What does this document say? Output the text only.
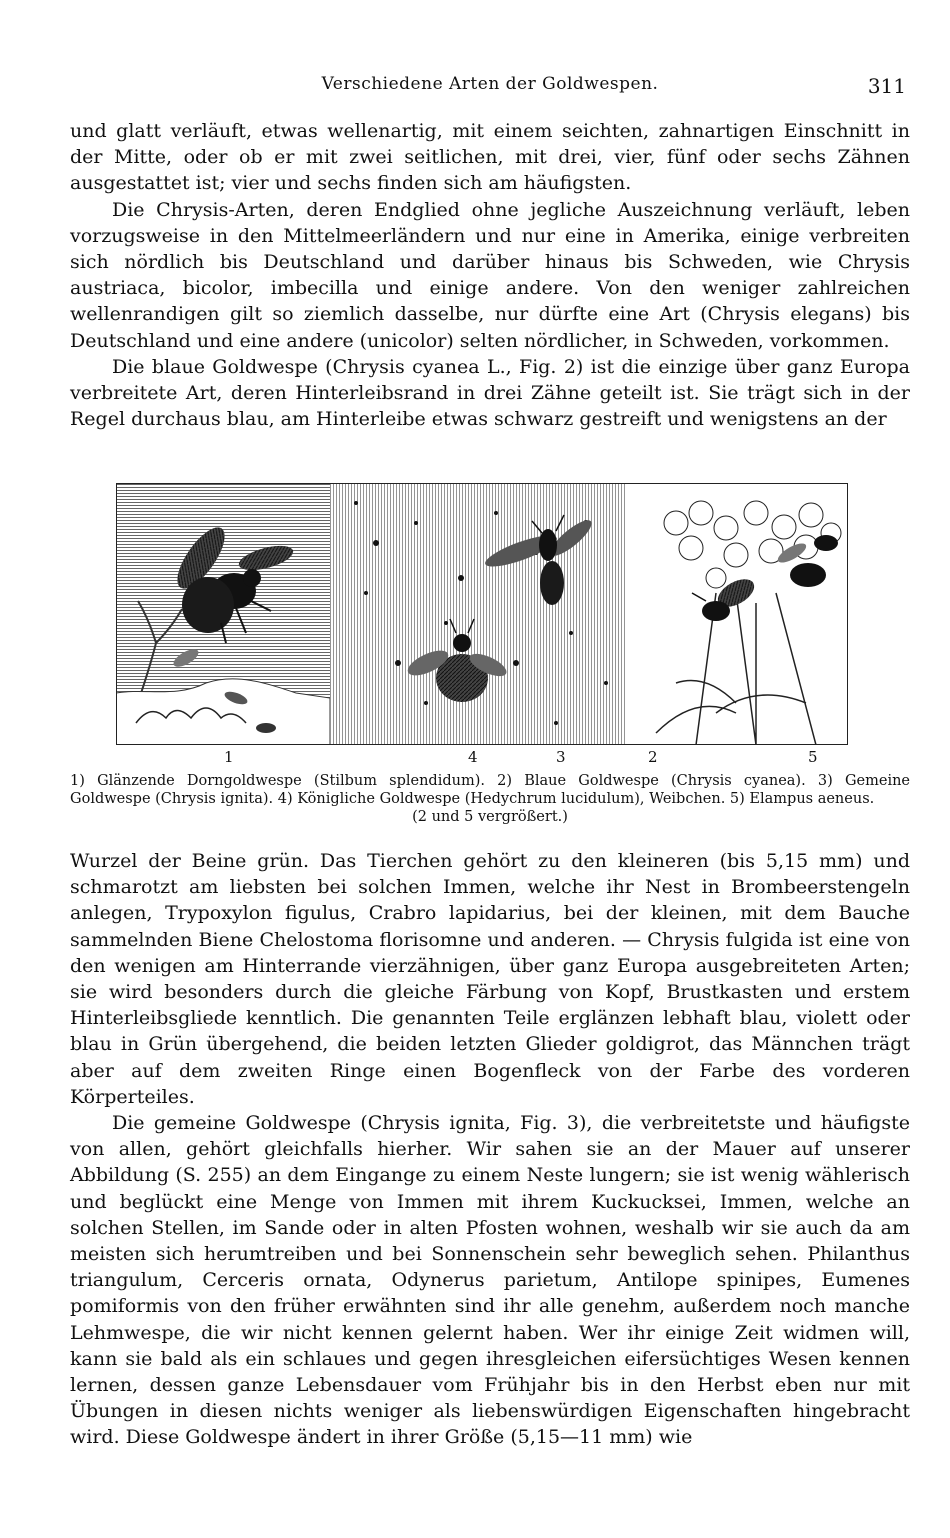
Verschiedene Arten der Goldwespen.	311

und glatt verläuft, etwas wellenartig, mit einem seichten, zahnartigen Einschnitt in der Mitte, oder ob er mit zwei seitlichen, mit drei, vier, fünf oder sechs Zähnen ausgestattet ist; vier und sechs finden sich am häufigsten.

Die Chrysis-Arten, deren Endglied ohne jegliche Auszeichnung verläuft, leben vorzugsweise in den Mittelmeerländern und nur eine in Amerika, einige verbreiten sich nördlich bis Deutschland und darüber hinaus bis Schweden, wie Chrysis austriaca, bicolor, imbecilla und einige andere. Von den weniger zahlreichen wellenrandigen gilt so ziemlich dasselbe, nur dürfte eine Art (Chrysis elegans) bis Deutschland und eine andere (unicolor) selten nördlicher, in Schweden, vorkommen.

Die blaue Goldwespe (Chrysis cyanea L., Fig. 2) ist die einzige über ganz Europa verbreitete Art, deren Hinterleibsrand in drei Zähne geteilt ist. Sie trägt sich in der Regel durchaus blau, am Hinterleibe etwas schwarz gestreift und wenigstens an der

1	4	3	2	5
1) Glänzende Dorngoldwespe (Stilbum splendidum). 2) Blaue Goldwespe (Chrysis cyanea). 3) Gemeine Goldwespe (Chrysis ignita). 4) Königliche Goldwespe (Hedychrum lucidulum), Weibchen. 5) Elampus aeneus.
(2 und 5 vergrößert.)

Wurzel der Beine grün. Das Tierchen gehört zu den kleineren (bis 5,15 mm) und schmarotzt am liebsten bei solchen Immen, welche ihr Nest in Brombeerstengeln anlegen, Trypoxylon figulus, Crabro lapidarius, bei der kleinen, mit dem Bauche sammelnden Biene Chelostoma florisomne und anderen. — Chrysis fulgida ist eine von den wenigen am Hinterrande vierzähnigen, über ganz Europa ausgebreiteten Arten; sie wird besonders durch die gleiche Färbung von Kopf, Brustkasten und erstem Hinterleibsgliede kenntlich. Die genannten Teile erglänzen lebhaft blau, violett oder blau in Grün übergehend, die beiden letzten Glieder goldigrot, das Männchen trägt aber auf dem zweiten Ringe einen Bogenfleck von der Farbe des vorderen Körperteiles.

Die gemeine Goldwespe (Chrysis ignita, Fig. 3), die verbreitetste und häufigste von allen, gehört gleichfalls hierher. Wir sahen sie an der Mauer auf unserer Abbildung (S. 255) an dem Eingange zu einem Neste lungern; sie ist wenig wählerisch und beglückt eine Menge von Immen mit ihrem Kuckucksei, Immen, welche an solchen Stellen, im Sande oder in alten Pfosten wohnen, weshalb wir sie auch da am meisten sich herumtreiben und bei Sonnenschein sehr beweglich sehen. Philanthus triangulum, Cerceris ornata, Odynerus parietum, Antilope spinipes, Eumenes pomiformis von den früher erwähnten sind ihr alle genehm, außerdem noch manche Lehmwespe, die wir nicht kennen gelernt haben. Wer ihr einige Zeit widmen will, kann sie bald als ein schlaues und gegen ihresgleichen eifersüchtiges Wesen kennen lernen, dessen ganze Lebensdauer vom Frühjahr bis in den Herbst eben nur mit Übungen in diesen nichts weniger als liebenswürdigen Eigenschaften hingebracht wird. Diese Goldwespe ändert in ihrer Größe (5,15—11 mm) wie
